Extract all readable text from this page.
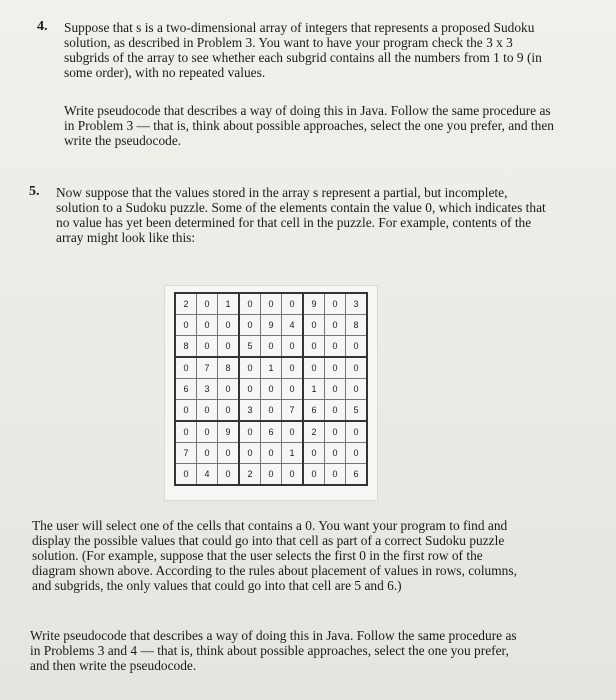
4. Suppose that s is a two-dimensional array of integers that represents a proposed Sudoku
solution, as described in Problem 3. You want to have your program check the 3 x 3
subgrids of the array to see whether each subgrid contains all the numbers from 1 to 9 (in
some order), with no repeated values.
Write pseudocode that describes a way of doing this in Java. Follow the same procedure as
in Problem 3 — that is, think about possible approaches, select the one you prefer, and then
write the pseudocode.
5. Now suppose that the values stored in the array s represent a partial, but incomplete,
solution to a Sudoku puzzle. Some of the elements contain the value 0, which indicates that
no value has yet been determined for that cell in the puzzle. For example, contents of the
array might look like this:
2	0	1	0	0	0	9	0	3
0	0	0	0	9	4	0	0	8
8	0	0	5	0	0	0	0	0
0	7	8	0	1	0	0	0	0
6	3	0	0	0	0	1	0	0
0	0	0	3	0	7	6	0	5
0	0	9	0	6	0	2	0	0
7	0	0	0	0	1	0	0	0
0	4	0	2	0	0	0	0	6
The user will select one of the cells that contains a 0. You want your program to find and
display the possible values that could go into that cell as part of a correct Sudoku puzzle
solution. (For example, suppose that the user selects the first 0 in the first row of the
diagram shown above. According to the rules about placement of values in rows, columns,
and subgrids, the only values that could go into that cell are 5 and 6.)
Write pseudocode that describes a way of doing this in Java. Follow the same procedure as
in Problems 3 and 4 — that is, think about possible approaches, select the one you prefer,
and then write the pseudocode.
